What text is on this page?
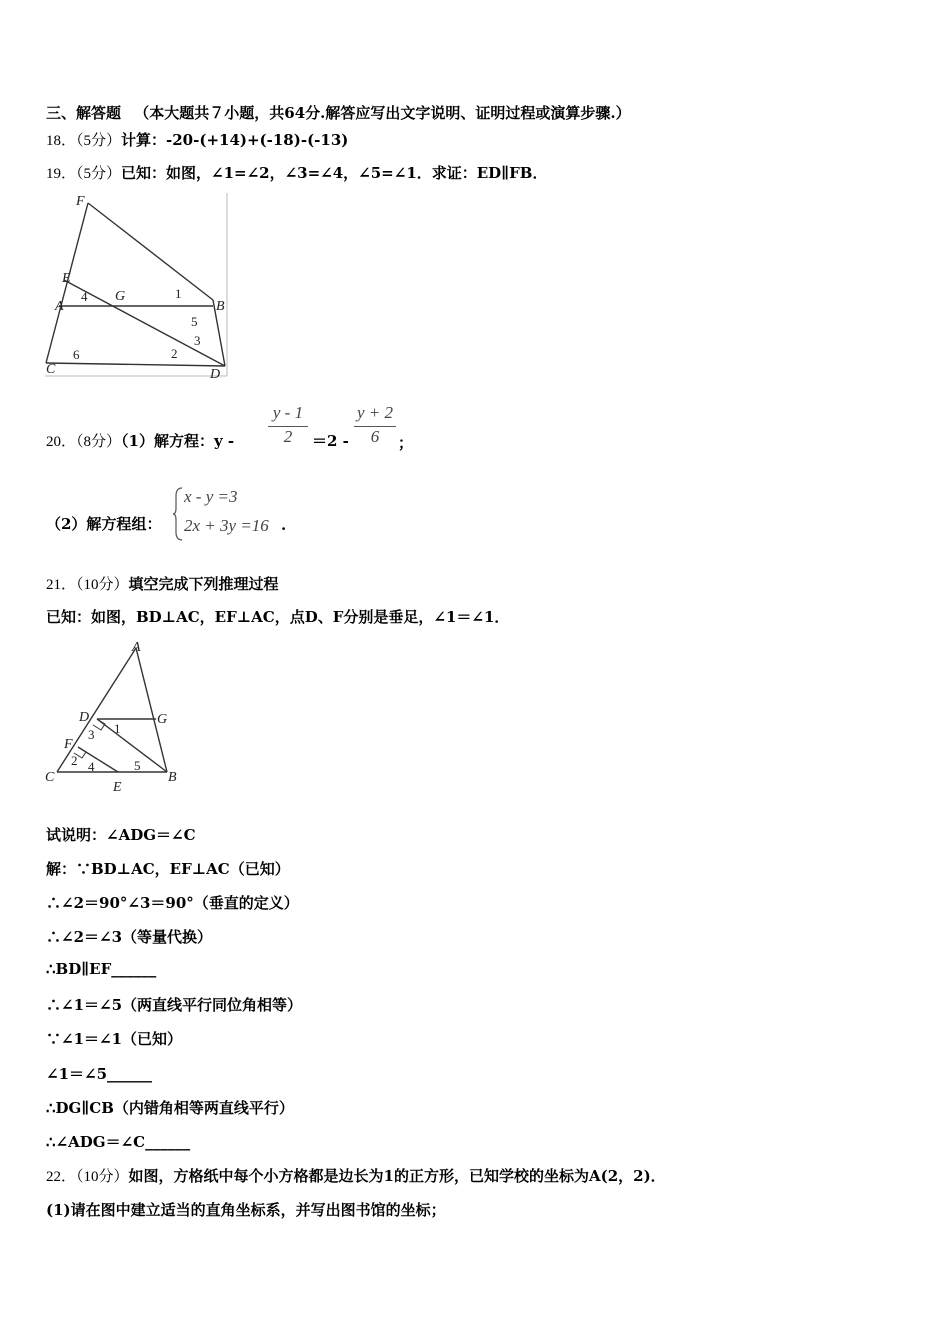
三、解答题 （本大题共７小题，共64分.解答应写出文字说明、证明过程或演算步骤.）
18．（5分）计算：-20-(+14)+(-18)-(-13)
19．（5分）已知：如图，∠1=∠2，∠3=∠4，∠5=∠1．求证：ED∥FB．
F
E
A
G
B
C	D
1
2
3
4
5
6
20．（8分）（1）解方程：$y - \frac{y - 1}{2} =2 - \frac{y + 2}{6}$ ；
（2）解方程组：
x - y =3
2x + 3y =16 .
21．（10分）填空完成下列推理过程
已知：如图，BD⊥AC，EF⊥AC，点D、F分别是垂足，∠1＝∠1．
A
D	G
F
C
E
B
1
2
3
4	5
试说明：∠ADG＝∠C
解：∵BD⊥AC，EF⊥AC（已知）
∴∠2＝90°∠3＝90°（垂直的定义）
∴∠2＝∠3（等量代换）
∴BD∥EF______
∴∠1＝∠5（两直线平行同位角相等）
∵∠1＝∠1（已知）
∠1＝∠5______
∴DG∥CB（内错角相等两直线平行）
∴∠ADG＝∠C______
22．（10分）如图，方格纸中每个小方格都是边长为1的正方形，已知学校的坐标为A(2，2)．
(1)请在图中建立适当的直角坐标系，并写出图书馆的坐标；
